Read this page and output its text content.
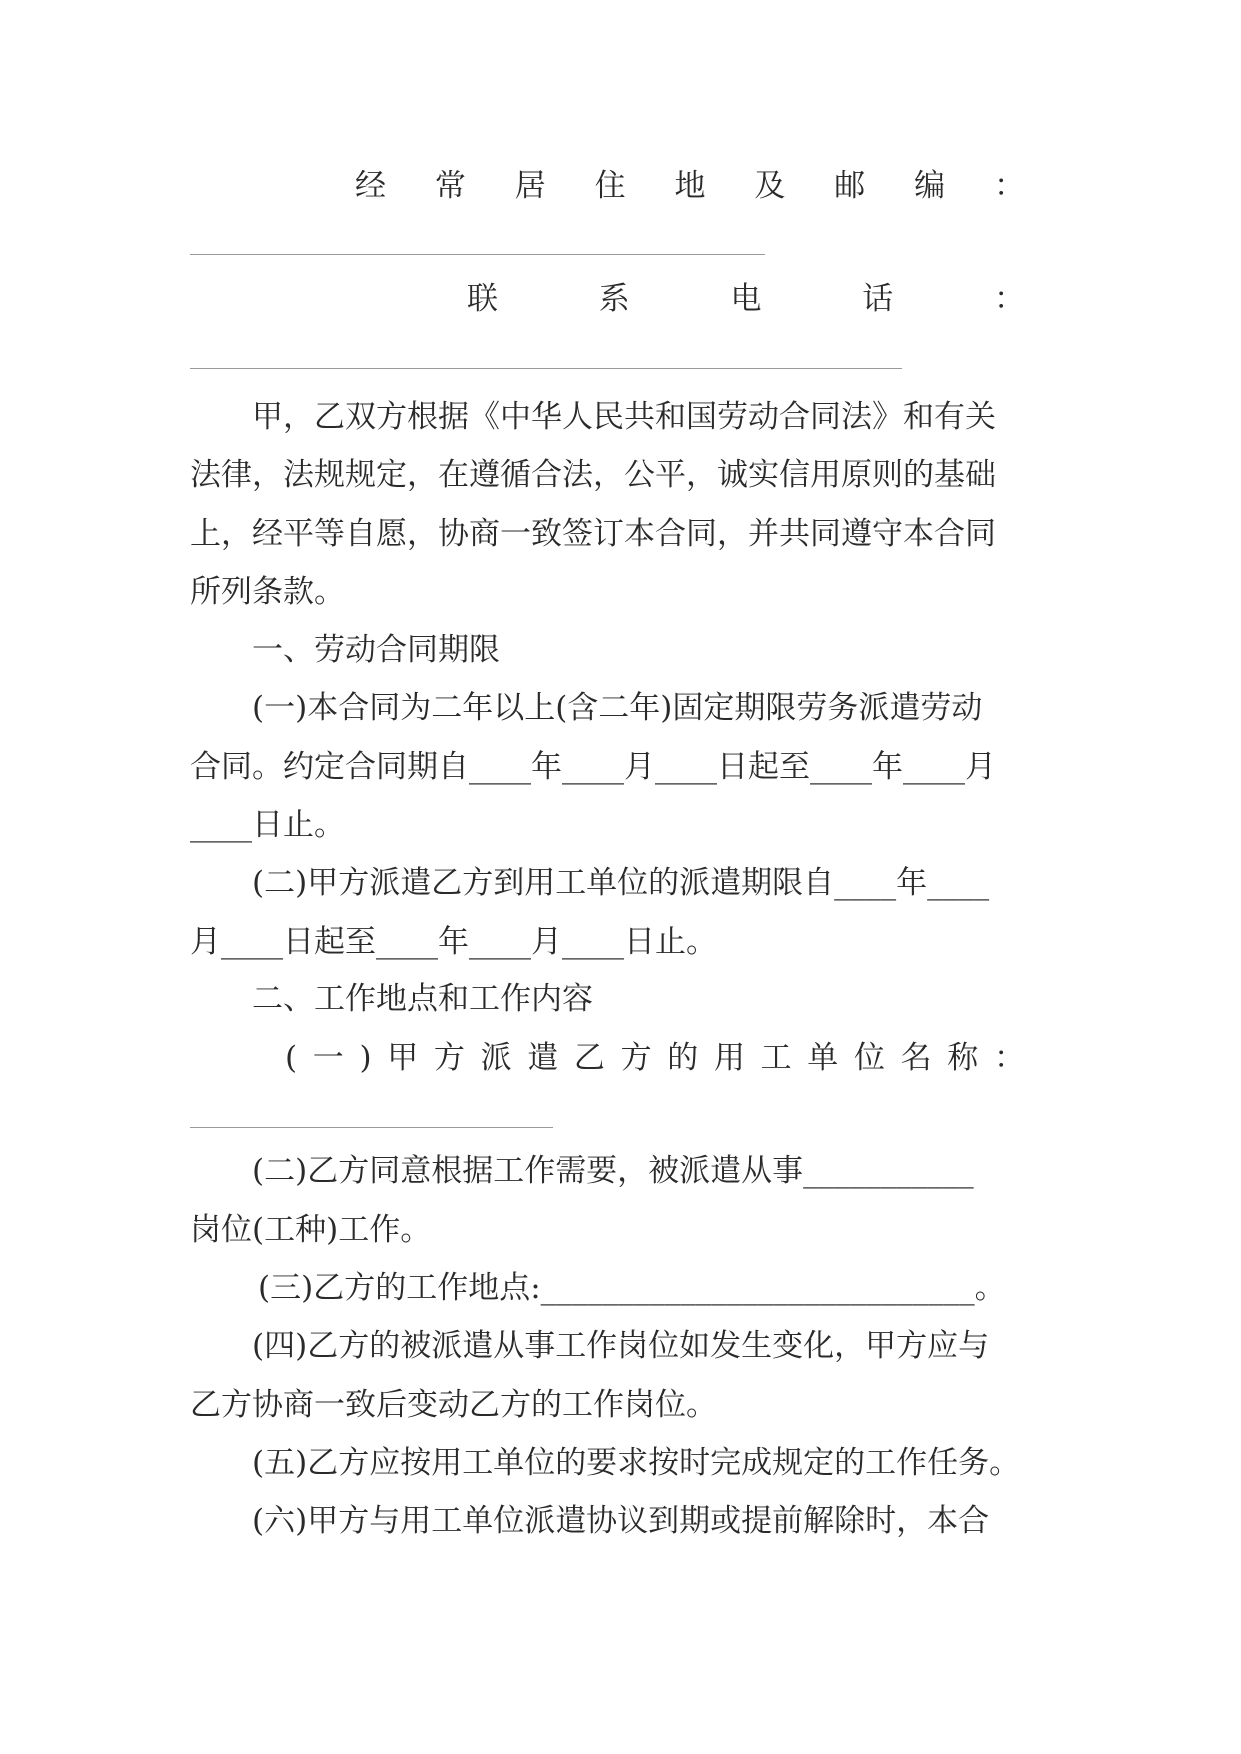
经 常 居 住 地 及 邮 编 ：
联	系	电	话	：
甲，乙双方根据《中华人民共和国劳动合同法》和有关
法律，法规规定，在遵循合法，公平，诚实信用原则的基础
上，经平等自愿，协商一致签订本合同，并共同遵守本合同
所列条款。
一、劳动合同期限
(一)本合同为二年以上(含二年)固定期限劳务派遣劳动
合同。约定合同期自____年____月____日起至____年____月
____日止。
(二)甲方派遣乙方到用工单位的派遣期限自____年____
月____日起至____年____月____日止。
二、工作地点和工作内容
( 一 ) 甲 方 派 遣 乙 方 的 用 工 单 位 名 称 ：
(二)乙方同意根据工作需要，被派遣从事___________
岗位(工种)工作。
(三)乙方的工作地点:____________________________。
(四)乙方的被派遣从事工作岗位如发生变化，甲方应与
乙方协商一致后变动乙方的工作岗位。
(五)乙方应按用工单位的要求按时完成规定的工作任务。
(六)甲方与用工单位派遣协议到期或提前解除时，本合
